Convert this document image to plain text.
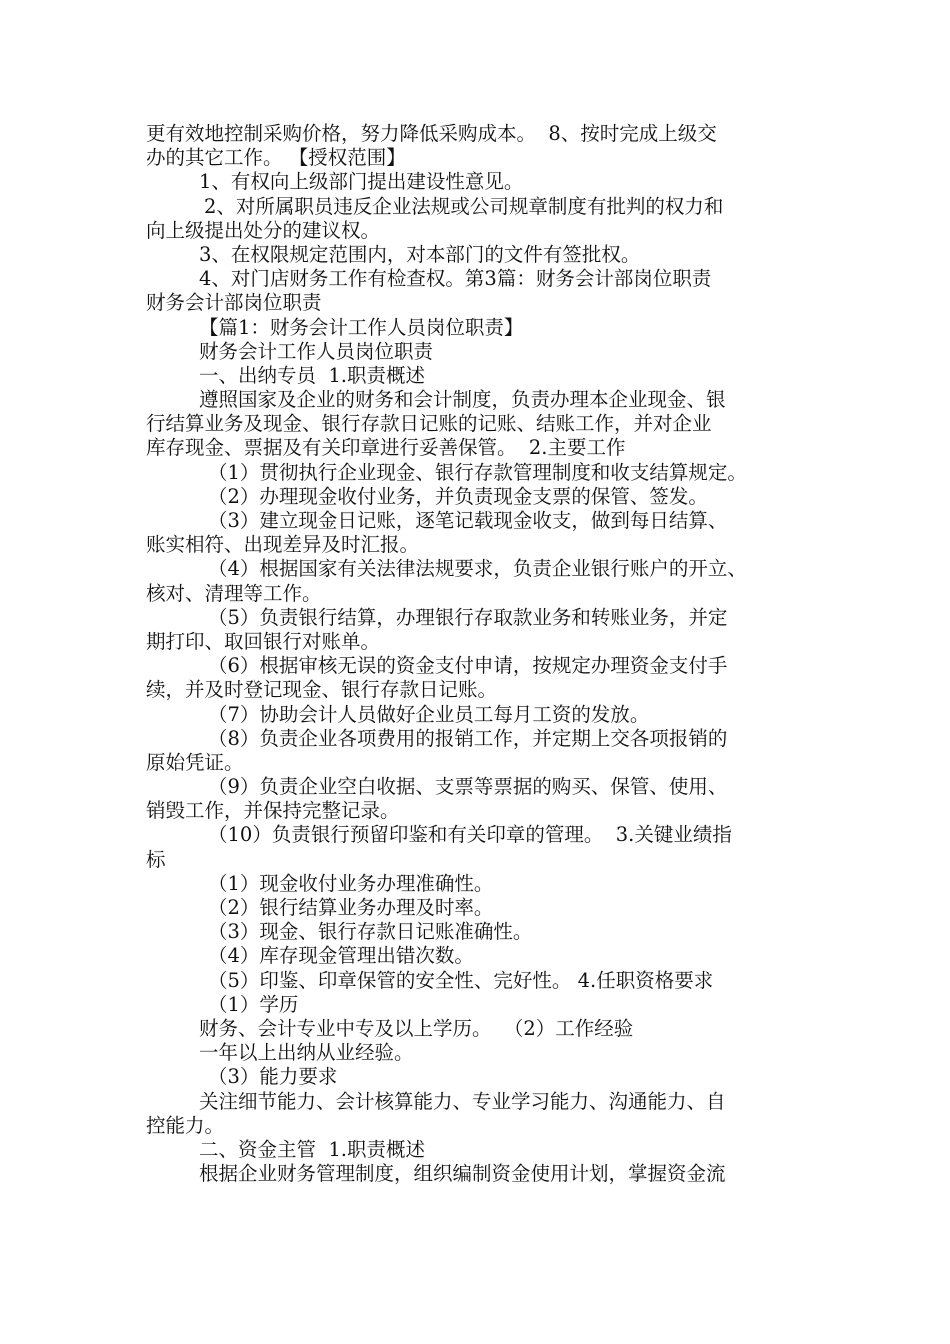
更有效地控制采购价格，努力降低采购成本。  8、按时完成上级交
办的其它工作。 【授权范围】
1、有权向上级部门提出建设性意见。
2、对所属职员违反企业法规或公司规章制度有批判的权力和
向上级提出处分的建议权。
3、在权限规定范围内，对本部门的文件有签批权。
4、对门店财务工作有检查权。第3篇：财务会计部岗位职责
财务会计部岗位职责
【篇1：财务会计工作人员岗位职责】
财务会计工作人员岗位职责
一、出纳专员  1.职责概述
遵照国家及企业的财务和会计制度，负责办理本企业现金、银
行结算业务及现金、银行存款日记账的记账、结账工作，并对企业
库存现金、票据及有关印章进行妥善保管。  2.主要工作
（1）贯彻执行企业现金、银行存款管理制度和收支结算规定。
（2）办理现金收付业务，并负责现金支票的保管、签发。
（3）建立现金日记账，逐笔记载现金收支，做到每日结算、
账实相符、出现差异及时汇报。
（4）根据国家有关法律法规要求，负责企业银行账户的开立、
核对、清理等工作。
（5）负责银行结算，办理银行存取款业务和转账业务，并定
期打印、取回银行对账单。
（6）根据审核无误的资金支付申请，按规定办理资金支付手
续，并及时登记现金、银行存款日记账。
（7）协助会计人员做好企业员工每月工资的发放。
（8）负责企业各项费用的报销工作，并定期上交各项报销的
原始凭证。
（9）负责企业空白收据、支票等票据的购买、保管、使用、
销毁工作，并保持完整记录。
（10）负责银行预留印鉴和有关印章的管理。  3.关键业绩指
标
（1）现金收付业务办理准确性。
（2）银行结算业务办理及时率。
（3）现金、银行存款日记账准确性。
（4）库存现金管理出错次数。
（5）印鉴、印章保管的安全性、完好性。 4.任职资格要求
（1）学历
财务、会计专业中专及以上学历。  （2）工作经验
一年以上出纳从业经验。
（3）能力要求
关注细节能力、会计核算能力、专业学习能力、沟通能力、自
控能力。
二、资金主管  1.职责概述
根据企业财务管理制度，组织编制资金使用计划，掌握资金流
